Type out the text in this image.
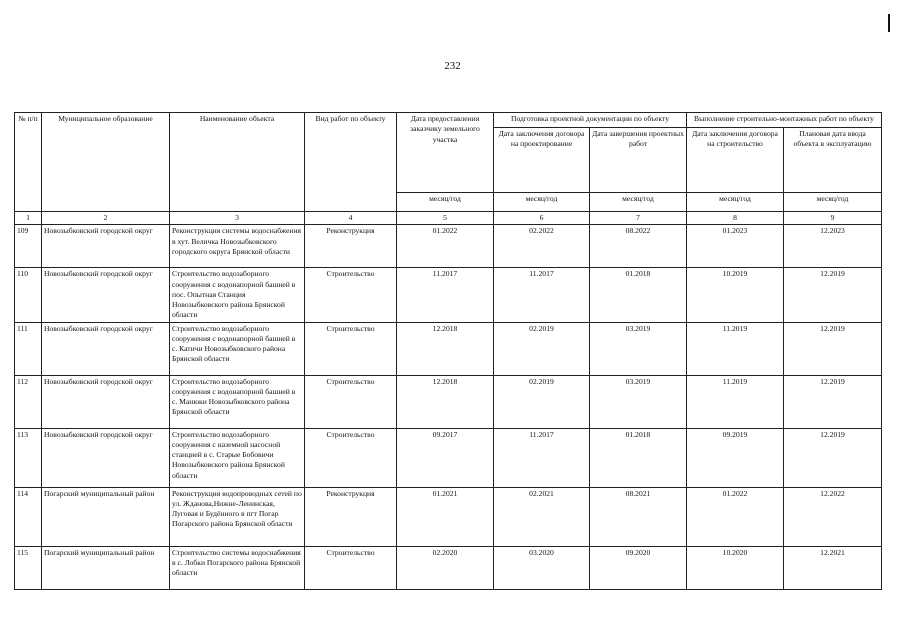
232
№ п/п	Муниципальное образование	Наименование объекта	Вид работ по объекту	Дата предоставления заказчику земельного участка	Подготовка проектной документации по объекту		Выполнение строительно-монтажных работ по объекту	
					Дата заключения договора на проектирование	Дата завершения проектных работ	Дата заключения договора на строительство	Плановая дата ввода объекта в эксплуатацию
				месяц/год	месяц/год	месяц/год	месяц/год	месяц/год
1	2	3	4	5	6	7	8	9
109	Новозыбковский городской округ	Реконструкция системы водоснабжения в хут. Величка Новозыбковского городского округа Брянской области	Реконструкция	01.2022	02.2022	08.2022	01.2023	12.2023
110	Новозыбковский городской округ	Строительство водозаборного сооружения с водонапорной башней в пос. Опытная Станция Новозыбковского района Брянской области	Строительство	11.2017	11.2017	01.2018	10.2019	12.2019
111	Новозыбковский городской округ	Строительство водозаборного сооружения с водонапорной башней в с. Катичи Новозыбковского района Брянской области	Строительство	12.2018	02.2019	03.2019	11.2019	12.2019
112	Новозыбковский городской округ	Строительство водозаборного сооружения с водонапорной башней в с. Манюки Новозыбковского района Брянской области	Строительство	12.2018	02.2019	03.2019	11.2019	12.2019
113	Новозыбковский городской округ	Строительство водозаборного сооружения с наземной насосной станцией в с. Старые Бобовичи Новозыбковского района Брянской области	Строительство	09.2017	11.2017	01.2018	09.2019	12.2019
114	Погарский муниципальный район	Реконструкция водопроводных сетей по ул. Жданова,Нижне-Ленинская, Луговая и Будённого в пгт Погар Погарского района Брянской области	Реконструкция	01.2021	02.2021	08.2021	01.2022	12.2022
115	Погарский муниципальный район	Строительство системы водоснабжения в с. Лобки Погарского района Брянской области	Строительство	02.2020	03.2020	09.2020	10.2020	12.2021
